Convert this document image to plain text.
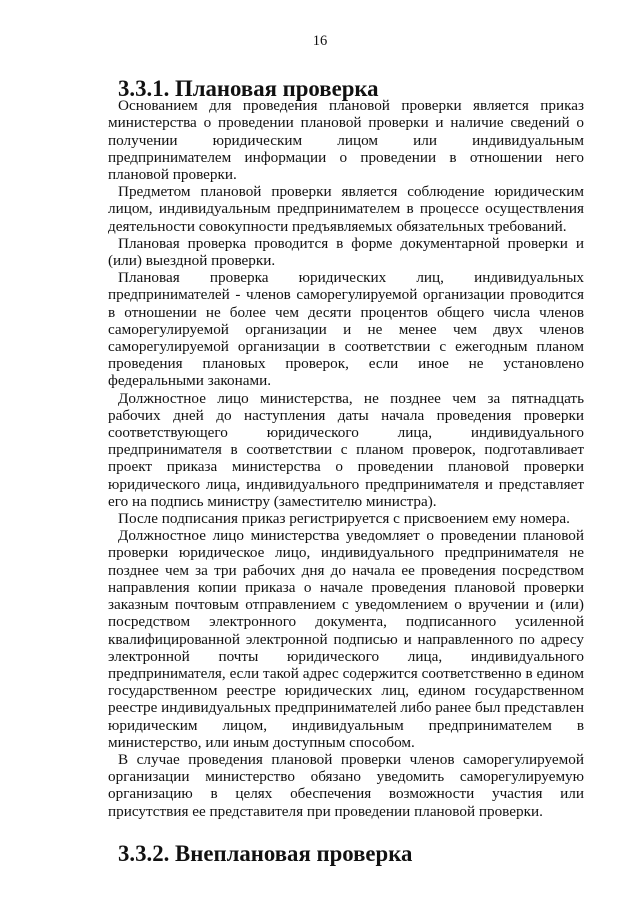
16
3.3.1. Плановая проверка

Основанием для проведения плановой проверки является приказ министерства о проведении плановой проверки и наличие сведений о получении юридическим лицом или индивидуальным предпринимателем информации о проведении в отношении него плановой проверки.

Предметом плановой проверки является соблюдение юридическим лицом, индивидуальным предпринимателем в процессе осуществления деятельности совокупности предъявляемых обязательных требований.

Плановая проверка проводится в форме документарной проверки и (или) выездной проверки.

Плановая проверка юридических лиц, индивидуальных предпринимателей - членов саморегулируемой организации проводится в отношении не более чем десяти процентов общего числа членов саморегулируемой организации и не менее чем двух членов саморегулируемой организации в соответствии с ежегодным планом проведения плановых проверок, если иное не установлено федеральными законами.

Должностное лицо министерства, не позднее чем за пятнадцать рабочих дней до наступления даты начала проведения проверки соответствующего юридического лица, индивидуального предпринимателя в соответствии с планом проверок, подготавливает проект приказа министерства о проведении плановой проверки юридического лица, индивидуального предпринимателя и представляет его на подпись министру (заместителю министра).

После подписания приказ регистрируется с присвоением ему номера.

Должностное лицо министерства уведомляет о проведении плановой проверки юридическое лицо, индивидуального предпринимателя не позднее чем за три рабочих дня до начала ее проведения посредством направления копии приказа о начале проведения плановой проверки заказным почтовым отправлением с уведомлением о вручении и (или) посредством электронного документа, подписанного усиленной квалифицированной электронной подписью и направленного по адресу электронной почты юридического лица, индивидуального предпринимателя, если такой адрес содержится соответственно в едином государственном реестре юридических лиц, едином государственном реестре индивидуальных предпринимателей либо ранее был представлен юридическим лицом, индивидуальным предпринимателем в министерство, или иным доступным способом.

В случае проведения плановой проверки членов саморегулируемой организации министерство обязано уведомить саморегулируемую организацию в целях обеспечения возможности участия или присутствия ее представителя при проведении плановой проверки.

3.3.2. Внеплановая проверка
